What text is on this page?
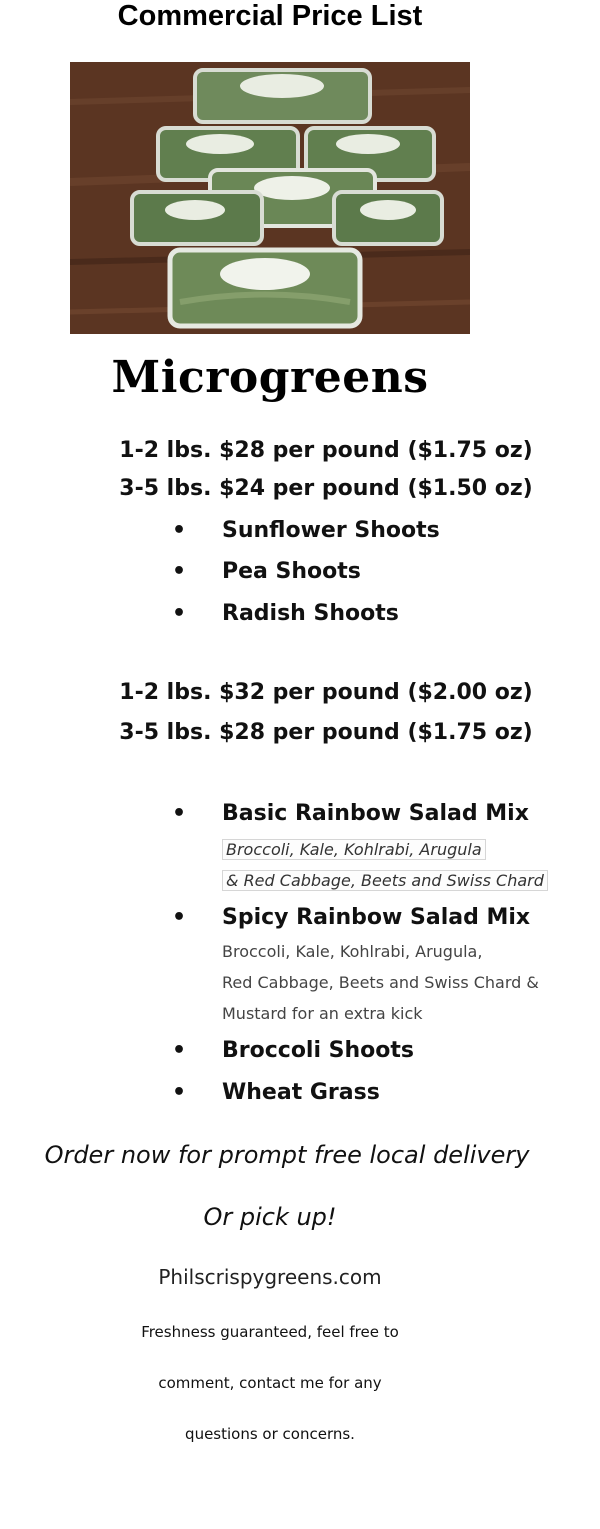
Commercial Price List
Microgreens
1-2 lbs. $28 per pound ($1.75 oz)
3-5 lbs. $24 per pound ($1.50 oz)
• Sunflower Shoots
• Pea Shoots
• Radish Shoots
1-2 lbs. $32 per pound ($2.00 oz)
3-5 lbs. $28 per pound ($1.75 oz)
• Basic Rainbow Salad Mix
Broccoli, Kale, Kohlrabi, Arugula
& Red Cabbage, Beets and Swiss Chard
• Spicy Rainbow Salad Mix
Broccoli, Kale, Kohlrabi, Arugula,
Red Cabbage, Beets and Swiss Chard &
Mustard for an extra kick
• Broccoli Shoots
• Wheat Grass
Order now for prompt free local delivery
Or pick up!
Philscrispygreens.com
Freshness guaranteed, feel free to
comment, contact me for any
questions or concerns.
